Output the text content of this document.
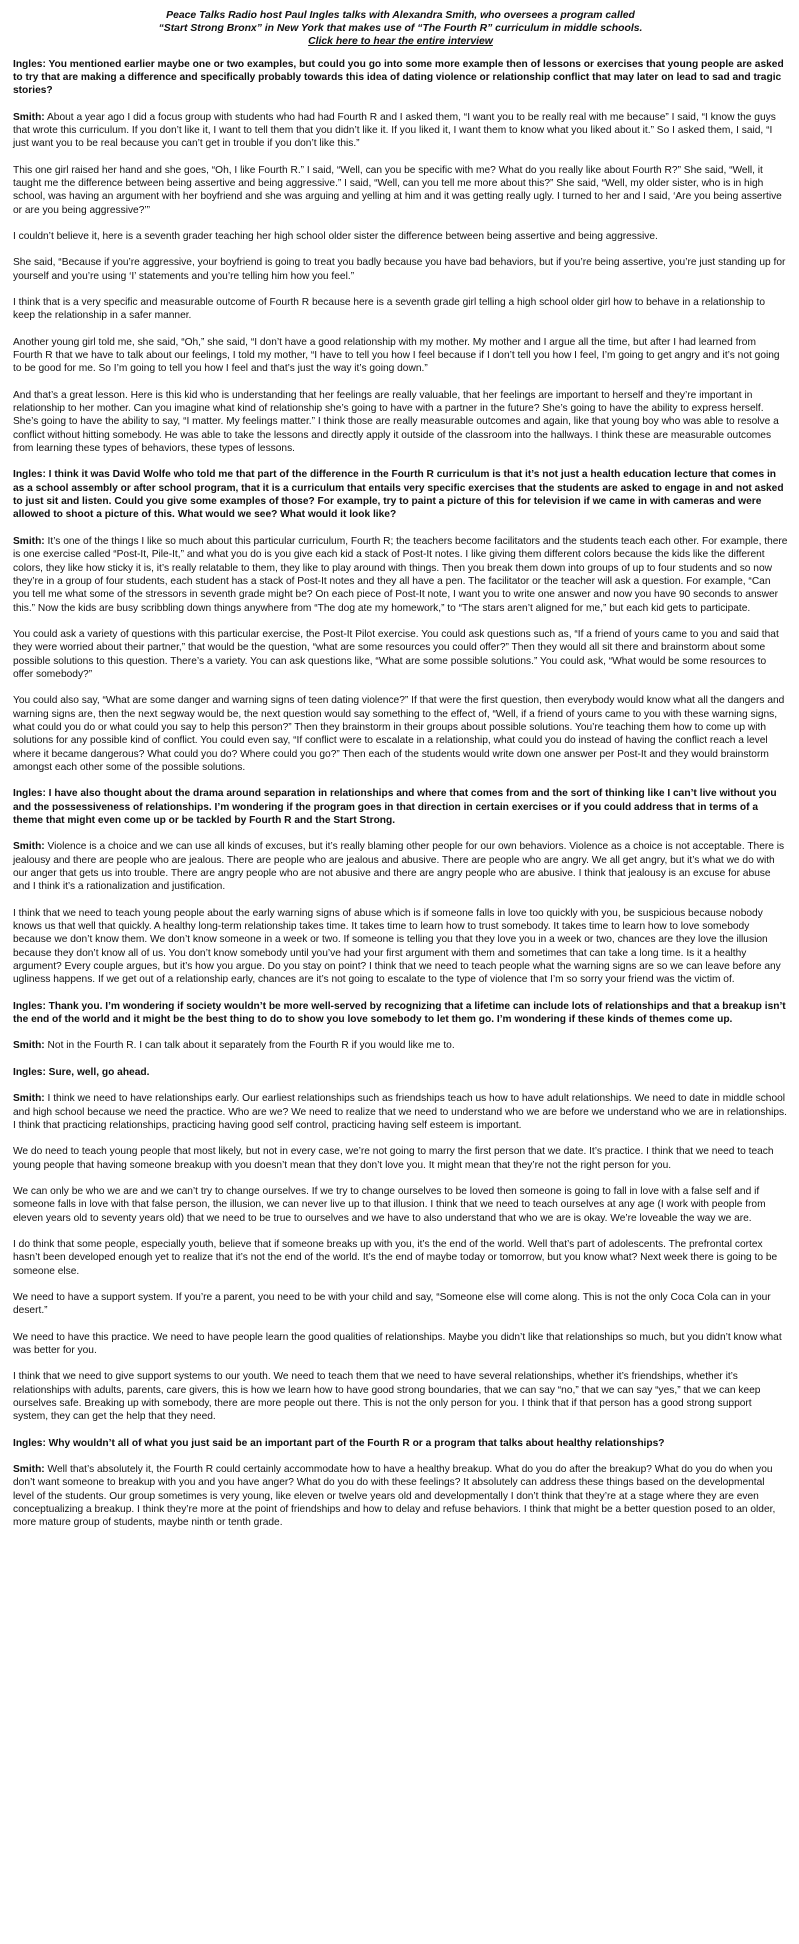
Peace Talks Radio host Paul Ingles talks with Alexandra Smith, who oversees a program called
“Start Strong Bronx” in New York that makes use of “The Fourth R” curriculum in middle schools.
Click here to hear the entire interview

Ingles: You mentioned earlier maybe one or two examples, but could you go into some more example then of lessons or exercises that young people are asked to try that are making a difference and specifically probably towards this idea of dating violence or relationship conflict that may later on lead to sad and tragic stories?

Smith: About a year ago I did a focus group with students who had had Fourth R and I asked them, “I want you to be really real with me because” I said, “I know the guys that wrote this curriculum. If you don’t like it, I want to tell them that you didn’t like it. If you liked it, I want them to know what you liked about it.” So I asked them, I said, “I just want you to be real because you can’t get in trouble if you don’t like this.”

This one girl raised her hand and she goes, “Oh, I like Fourth R.” I said, “Well, can you be specific with me? What do you really like about Fourth R?” She said, “Well, it taught me the difference between being assertive and being aggressive.” I said, “Well, can you tell me more about this?” She said, “Well, my older sister, who is in high school, was having an argument with her boyfriend and she was arguing and yelling at him and it was getting really ugly. I turned to her and I said, ‘Are you being assertive or are you being aggressive?’”

I couldn’t believe it, here is a seventh grader teaching her high school older sister the difference between being assertive and being aggressive.

She said, “Because if you’re aggressive, your boyfriend is going to treat you badly because you have bad behaviors, but if you’re being assertive, you’re just standing up for yourself and you’re using ‘I’ statements and you’re telling him how you feel.”

I think that is a very specific and measurable outcome of Fourth R because here is a seventh grade girl telling a high school older girl how to behave in a relationship to keep the relationship in a safer manner.

Another young girl told me, she said, “Oh,” she said, “I don’t have a good relationship with my mother. My mother and I argue all the time, but after I had learned from Fourth R that we have to talk about our feelings, I told my mother, “I have to tell you how I feel because if I don’t tell you how I feel, I’m going to get angry and it’s not going to be good for me. So I’m going to tell you how I feel and that’s just the way it’s going down.”

And that’s a great lesson. Here is this kid who is understanding that her feelings are really valuable, that her feelings are important to herself and they’re important in relationship to her mother. Can you imagine what kind of relationship she’s going to have with a partner in the future? She’s going to have the ability to express herself. She’s going to have the ability to say, “I matter. My feelings matter.” I think those are really measurable outcomes and again, like that young boy who was able to resolve a conflict without hitting somebody. He was able to take the lessons and directly apply it outside of the classroom into the hallways. I think these are measurable outcomes from learning these types of behaviors, these types of lessons.

Ingles: I think it was David Wolfe who told me that part of the difference in the Fourth R curriculum is that it’s not just a health education lecture that comes in as a school assembly or after school program, that it is a curriculum that entails very specific exercises that the students are asked to engage in and not asked to just sit and listen. Could you give some examples of those? For example, try to paint a picture of this for television if we came in with cameras and were allowed to shoot a picture of this. What would we see? What would it look like?

Smith: It’s one of the things I like so much about this particular curriculum, Fourth R; the teachers become facilitators and the students teach each other. For example, there is one exercise called “Post-It, Pile-It,” and what you do is you give each kid a stack of Post-It notes. I like giving them different colors because the kids like the different colors, they like how sticky it is, it’s really relatable to them, they like to play around with things. Then you break them down into groups of up to four students and so now they’re in a group of four students, each student has a stack of Post-It notes and they all have a pen. The facilitator or the teacher will ask a question. For example, “Can you tell me what some of the stressors in seventh grade might be? On each piece of Post-It note, I want you to write one answer and now you have 90 seconds to answer this.” Now the kids are busy scribbling down things anywhere from “The dog ate my homework,” to “The stars aren’t aligned for me,” but each kid gets to participate.

You could ask a variety of questions with this particular exercise, the Post-It Pilot exercise. You could ask questions such as, “If a friend of yours came to you and said that they were worried about their partner,” that would be the question, “what are some resources you could offer?” Then they would all sit there and brainstorm about some possible solutions to this question. There’s a variety. You can ask questions like, “What are some possible solutions.” You could ask, “What would be some resources to offer somebody?”

You could also say, “What are some danger and warning signs of teen dating violence?” If that were the first question, then everybody would know what all the dangers and warning signs are, then the next segway would be, the next question would say something to the effect of, “Well, if a friend of yours came to you with these warning signs, what could you do or what could you say to help this person?” Then they brainstorm in their groups about possible solutions. You’re teaching them how to come up with solutions for any possible kind of conflict. You could even say, “If conflict were to escalate in a relationship, what could you do instead of having the conflict reach a level where it became dangerous? What could you do? Where could you go?” Then each of the students would write down one answer per Post-It and they would brainstorm amongst each other some of the possible solutions.

Ingles: I have also thought about the drama around separation in relationships and where that comes from and the sort of thinking like I can’t live without you and the possessiveness of relationships. I’m wondering if the program goes in that direction in certain exercises or if you could address that in terms of a theme that might even come up or be tackled by Fourth R and the Start Strong.

Smith: Violence is a choice and we can use all kinds of excuses, but it’s really blaming other people for our own behaviors. Violence as a choice is not acceptable. There is jealousy and there are people who are jealous. There are people who are jealous and abusive. There are people who are angry. We all get angry, but it’s what we do with our anger that gets us into trouble. There are angry people who are not abusive and there are angry people who are abusive. I think that jealousy is an excuse for abuse and I think it’s a rationalization and justification.

I think that we need to teach young people about the early warning signs of abuse which is if someone falls in love too quickly with you, be suspicious because nobody knows us that well that quickly. A healthy long-term relationship takes time. It takes time to learn how to trust somebody. It takes time to learn how to love somebody because we don’t know them. We don’t know someone in a week or two. If someone is telling you that they love you in a week or two, chances are they love the illusion because they don’t know all of us. You don’t know somebody until you’ve had your first argument with them and sometimes that can take a long time. Is it a healthy argument? Every couple argues, but it’s how you argue. Do you stay on point? I think that we need to teach people what the warning signs are so we can leave before any ugliness happens. If we get out of a relationship early, chances are it’s not going to escalate to the type of violence that I’m so sorry your friend was the victim of.

Ingles: Thank you. I’m wondering if society wouldn’t be more well-served by recognizing that a lifetime can include lots of relationships and that a breakup isn’t the end of the world and it might be the best thing to do to show you love somebody to let them go. I’m wondering if these kinds of themes come up.

Smith: Not in the Fourth R. I can talk about it separately from the Fourth R if you would like me to.

Ingles: Sure, well, go ahead.

Smith: I think we need to have relationships early. Our earliest relationships such as friendships teach us how to have adult relationships. We need to date in middle school and high school because we need the practice. Who are we? We need to realize that we need to understand who we are before we understand who we are in relationships. I think that practicing relationships, practicing having good self control, practicing having self esteem is important.

We do need to teach young people that most likely, but not in every case, we’re not going to marry the first person that we date. It’s practice. I think that we need to teach young people that having someone breakup with you doesn’t mean that they don’t love you. It might mean that they’re not the right person for you.

We can only be who we are and we can’t try to change ourselves. If we try to change ourselves to be loved then someone is going to fall in love with a false self and if someone falls in love with that false person, the illusion, we can never live up to that illusion. I think that we need to teach ourselves at any age (I work with people from eleven years old to seventy years old) that we need to be true to ourselves and we have to also understand that who we are is okay. We’re loveable the way we are.

I do think that some people, especially youth, believe that if someone breaks up with you, it’s the end of the world. Well that’s part of adolescents. The prefrontal cortex hasn’t been developed enough yet to realize that it’s not the end of the world. It’s the end of maybe today or tomorrow, but you know what? Next week there is going to be someone else.

We need to have a support system. If you’re a parent, you need to be with your child and say, “Someone else will come along. This is not the only Coca Cola can in your desert.”

We need to have this practice. We need to have people learn the good qualities of relationships. Maybe you didn’t like that relationships so much, but you didn’t know what was better for you.

I think that we need to give support systems to our youth. We need to teach them that we need to have several relationships, whether it’s friendships, whether it’s relationships with adults, parents, care givers, this is how we learn how to have good strong boundaries, that we can say “no,” that we can say “yes,” that we can keep ourselves safe. Breaking up with somebody, there are more people out there. This is not the only person for you. I think that if that person has a good strong support system, they can get the help that they need.

Ingles: Why wouldn’t all of what you just said be an important part of the Fourth R or a program that talks about healthy relationships?

Smith: Well that’s absolutely it, the Fourth R could certainly accommodate how to have a healthy breakup. What do you do after the breakup? What do you do when you don’t want someone to breakup with you and you have anger? What do you do with these feelings? It absolutely can address these things based on the developmental level of the students. Our group sometimes is very young, like eleven or twelve years old and developmentally I don’t think that they’re at a stage where they are even conceptualizing a breakup. I think they’re more at the point of friendships and how to delay and refuse behaviors. I think that might be a better question posed to an older, more mature group of students, maybe ninth or tenth grade.
